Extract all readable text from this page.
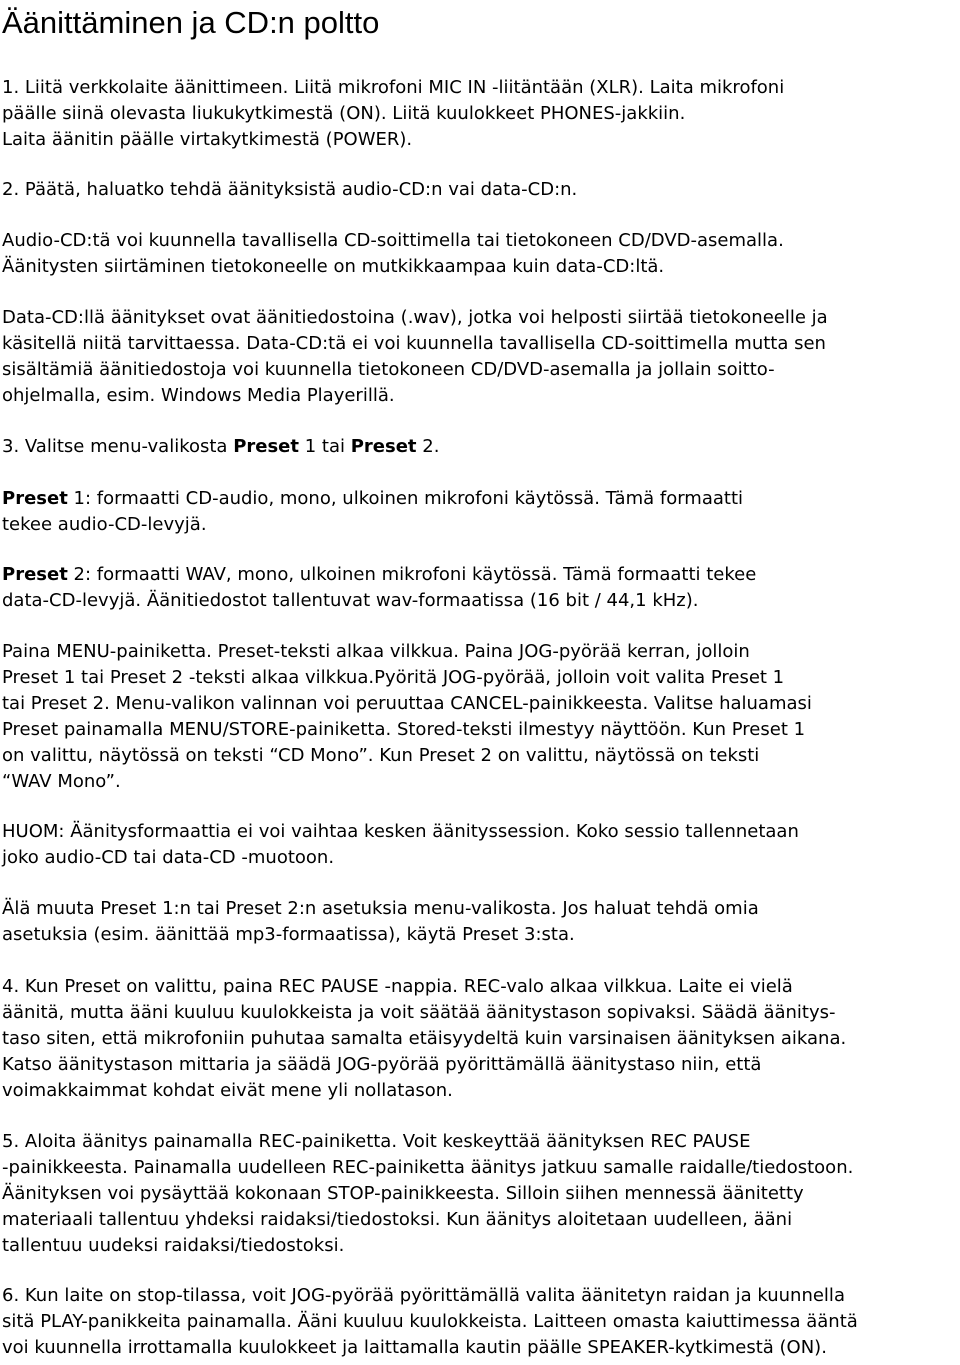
Äänittäminen ja CD:n poltto
1. Liitä verkkolaite äänittimeen. Liitä mikrofoni MIC IN -liitäntään (XLR). Laita mikrofoni
päälle siinä olevasta liukukytkimestä (ON). Liitä kuulokkeet PHONES-jakkiin.
Laita äänitin päälle virtakytkimestä (POWER).
2. Päätä, haluatko tehdä äänityksistä audio-CD:n vai data-CD:n.
Audio-CD:tä voi kuunnella tavallisella CD-soittimella tai tietokoneen CD/DVD-asemalla.
Äänitysten siirtäminen tietokoneelle on mutkikkaampaa kuin data-CD:ltä.
Data-CD:llä äänitykset ovat äänitiedostoina (.wav), jotka voi helposti siirtää tietokoneelle ja
käsitellä niitä tarvittaessa. Data-CD:tä ei voi kuunnella tavallisella CD-soittimella mutta sen
sisältämiä äänitiedostoja voi kuunnella tietokoneen CD/DVD-asemalla ja jollain soitto-
ohjelmalla, esim. Windows Media Playerillä.
3. Valitse menu-valikosta Preset 1 tai Preset 2.
Preset 1: formaatti CD-audio, mono, ulkoinen mikrofoni käytössä. Tämä formaatti
tekee audio-CD-levyjä.
Preset 2: formaatti WAV, mono, ulkoinen mikrofoni käytössä. Tämä formaatti tekee
data-CD-levyjä. Äänitiedostot tallentuvat wav-formaatissa (16 bit / 44,1 kHz).
Paina MENU-painiketta. Preset-teksti alkaa vilkkua. Paina JOG-pyörää kerran, jolloin
Preset 1 tai Preset 2 -teksti alkaa vilkkua.Pyöritä JOG-pyörää, jolloin voit valita Preset 1
tai Preset 2. Menu-valikon valinnan voi peruuttaa CANCEL-painikkeesta. Valitse haluamasi
Preset painamalla MENU/STORE-painiketta. Stored-teksti ilmestyy näyttöön. Kun Preset 1
on valittu, näytössä on teksti “CD Mono”. Kun Preset 2 on valittu, näytössä on teksti
“WAV Mono”.
HUOM: Äänitysformaattia ei voi vaihtaa kesken äänityssession. Koko sessio tallennetaan
joko audio-CD tai data-CD -muotoon.
Älä muuta Preset 1:n tai Preset 2:n asetuksia menu-valikosta. Jos haluat tehdä omia
asetuksia (esim. äänittää mp3-formaatissa), käytä Preset 3:sta.
4. Kun Preset on valittu, paina REC PAUSE -nappia. REC-valo alkaa vilkkua. Laite ei vielä
äänitä, mutta ääni kuuluu kuulokkeista ja voit säätää äänitystason sopivaksi. Säädä äänitys-
taso siten, että mikrofoniin puhutaa samalta etäisyydeltä kuin varsinaisen äänityksen aikana.
Katso äänitystason mittaria ja säädä JOG-pyörää pyörittämällä äänitystaso niin, että
voimakkaimmat kohdat eivät mene yli nollatason.
5. Aloita äänitys painamalla REC-painiketta. Voit keskeyttää äänityksen REC PAUSE
-painikkeesta. Painamalla uudelleen REC-painiketta äänitys jatkuu samalle raidalle/tiedostoon.
Äänityksen voi pysäyttää kokonaan STOP-painikkeesta. Silloin siihen mennessä äänitetty
materiaali tallentuu yhdeksi raidaksi/tiedostoksi. Kun äänitys aloitetaan uudelleen, ääni
tallentuu uudeksi raidaksi/tiedostoksi.
6. Kun laite on stop-tilassa, voit JOG-pyörää pyörittämällä valita äänitetyn raidan ja kuunnella
sitä PLAY-panikkeita painamalla. Ääni kuuluu kuulokkeista. Laitteen omasta kaiuttimessa ääntä
voi kuunnella irrottamalla kuulokkeet ja laittamalla kautin päälle SPEAKER-kytkimestä (ON).
